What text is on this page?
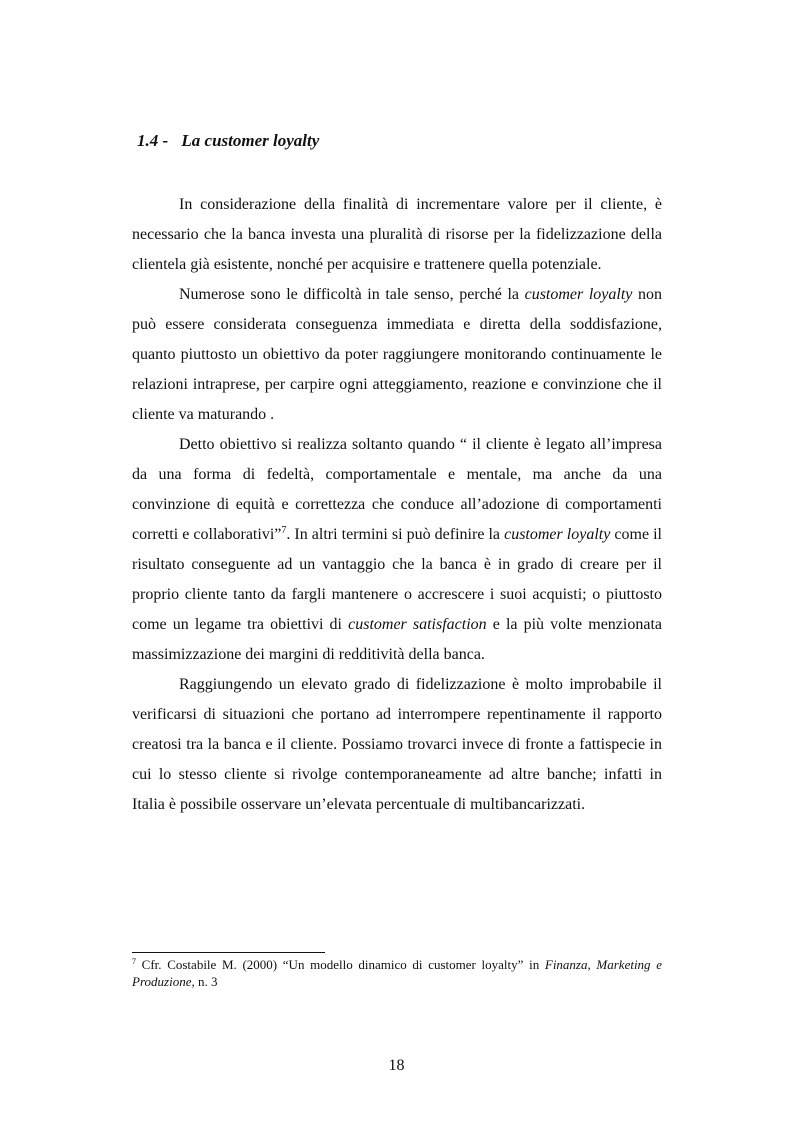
1.4 - La customer loyalty

In considerazione della finalità di incrementare valore per il cliente, è necessario che la banca investa una pluralità di risorse per la fidelizzazione della clientela già esistente, nonché per acquisire e trattenere quella potenziale.

Numerose sono le difficoltà in tale senso, perché la customer loyalty non può essere considerata conseguenza immediata e diretta della soddisfazione, quanto piuttosto un obiettivo da poter raggiungere monitorando continuamente le relazioni intraprese, per carpire ogni atteggiamento, reazione e convinzione che il cliente va maturando .

Detto obiettivo si realizza soltanto quando “ il cliente è legato all’impresa da una forma di fedeltà, comportamentale e mentale, ma anche da una convinzione di equità e correttezza che conduce all’adozione di comportamenti corretti e collaborativi”$^7$. In altri termini si può definire la customer loyalty come il risultato conseguente ad un vantaggio che la banca è in grado di creare per il proprio cliente tanto da fargli mantenere o accrescere i suoi acquisti; o piuttosto come un legame tra obiettivi di customer satisfaction e la più volte menzionata massimizzazione dei margini di redditività della banca.

Raggiungendo un elevato grado di fidelizzazione è molto improbabile il verificarsi di situazioni che portano ad interrompere repentinamente il rapporto creatosi tra la banca e il cliente. Possiamo trovarci invece di fronte a fattispecie in cui lo stesso cliente si rivolge contemporaneamente ad altre banche; infatti in Italia è possibile osservare un’elevata percentuale di multibancarizzati.

$^7$ Cfr. Costabile M. (2000) “Un modello dinamico di customer loyalty” in Finanza, Marketing e Produzione, n. 3
18
